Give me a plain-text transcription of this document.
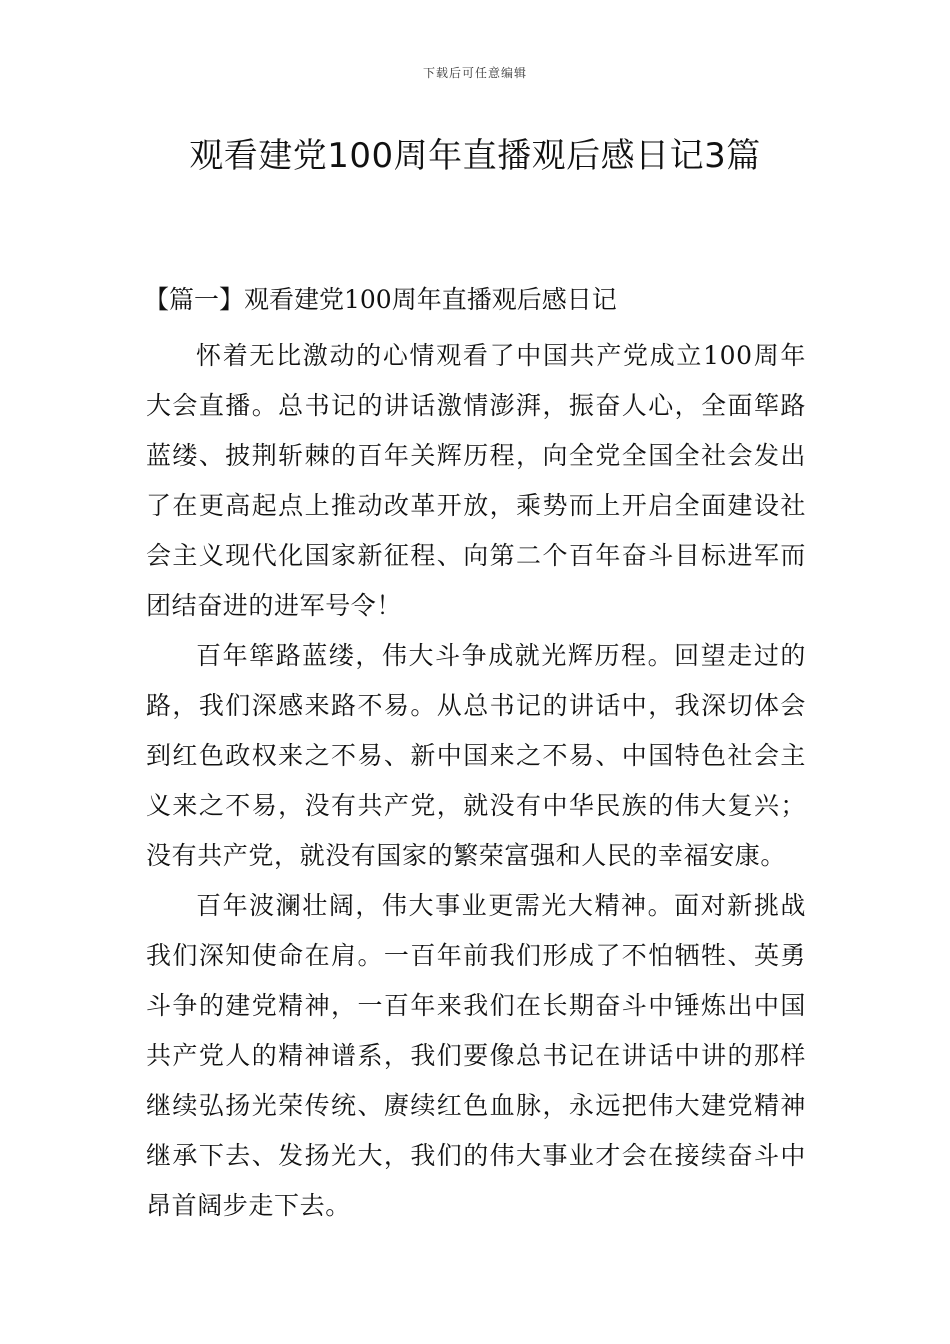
下载后可任意编辑
观看建党100周年直播观后感日记3篇
【篇一】观看建党100周年直播观后感日记

怀着无比激动的心情观看了中国共产党成立100周年大会直播。总书记的讲话激情澎湃，振奋人心，全面筚路蓝缕、披荆斩棘的百年关辉历程，向全党全国全社会发出了在更高起点上推动改革开放，乘势而上开启全面建设社会主义现代化国家新征程、向第二个百年奋斗目标进军而团结奋进的进军号令！

百年筚路蓝缕，伟大斗争成就光辉历程。回望走过的路，我们深感来路不易。从总书记的讲话中，我深切体会到红色政权来之不易、新中国来之不易、中国特色社会主义来之不易，没有共产党，就没有中华民族的伟大复兴；没有共产党，就没有国家的繁荣富强和人民的幸福安康。

百年波澜壮阔，伟大事业更需光大精神。面对新挑战我们深知使命在肩。一百年前我们形成了不怕牺牲、英勇斗争的建党精神，一百年来我们在长期奋斗中锤炼出中国共产党人的精神谱系，我们要像总书记在讲话中讲的那样继续弘扬光荣传统、赓续红色血脉，永远把伟大建党精神继承下去、发扬光大，我们的伟大事业才会在接续奋斗中昂首阔步走下去。
